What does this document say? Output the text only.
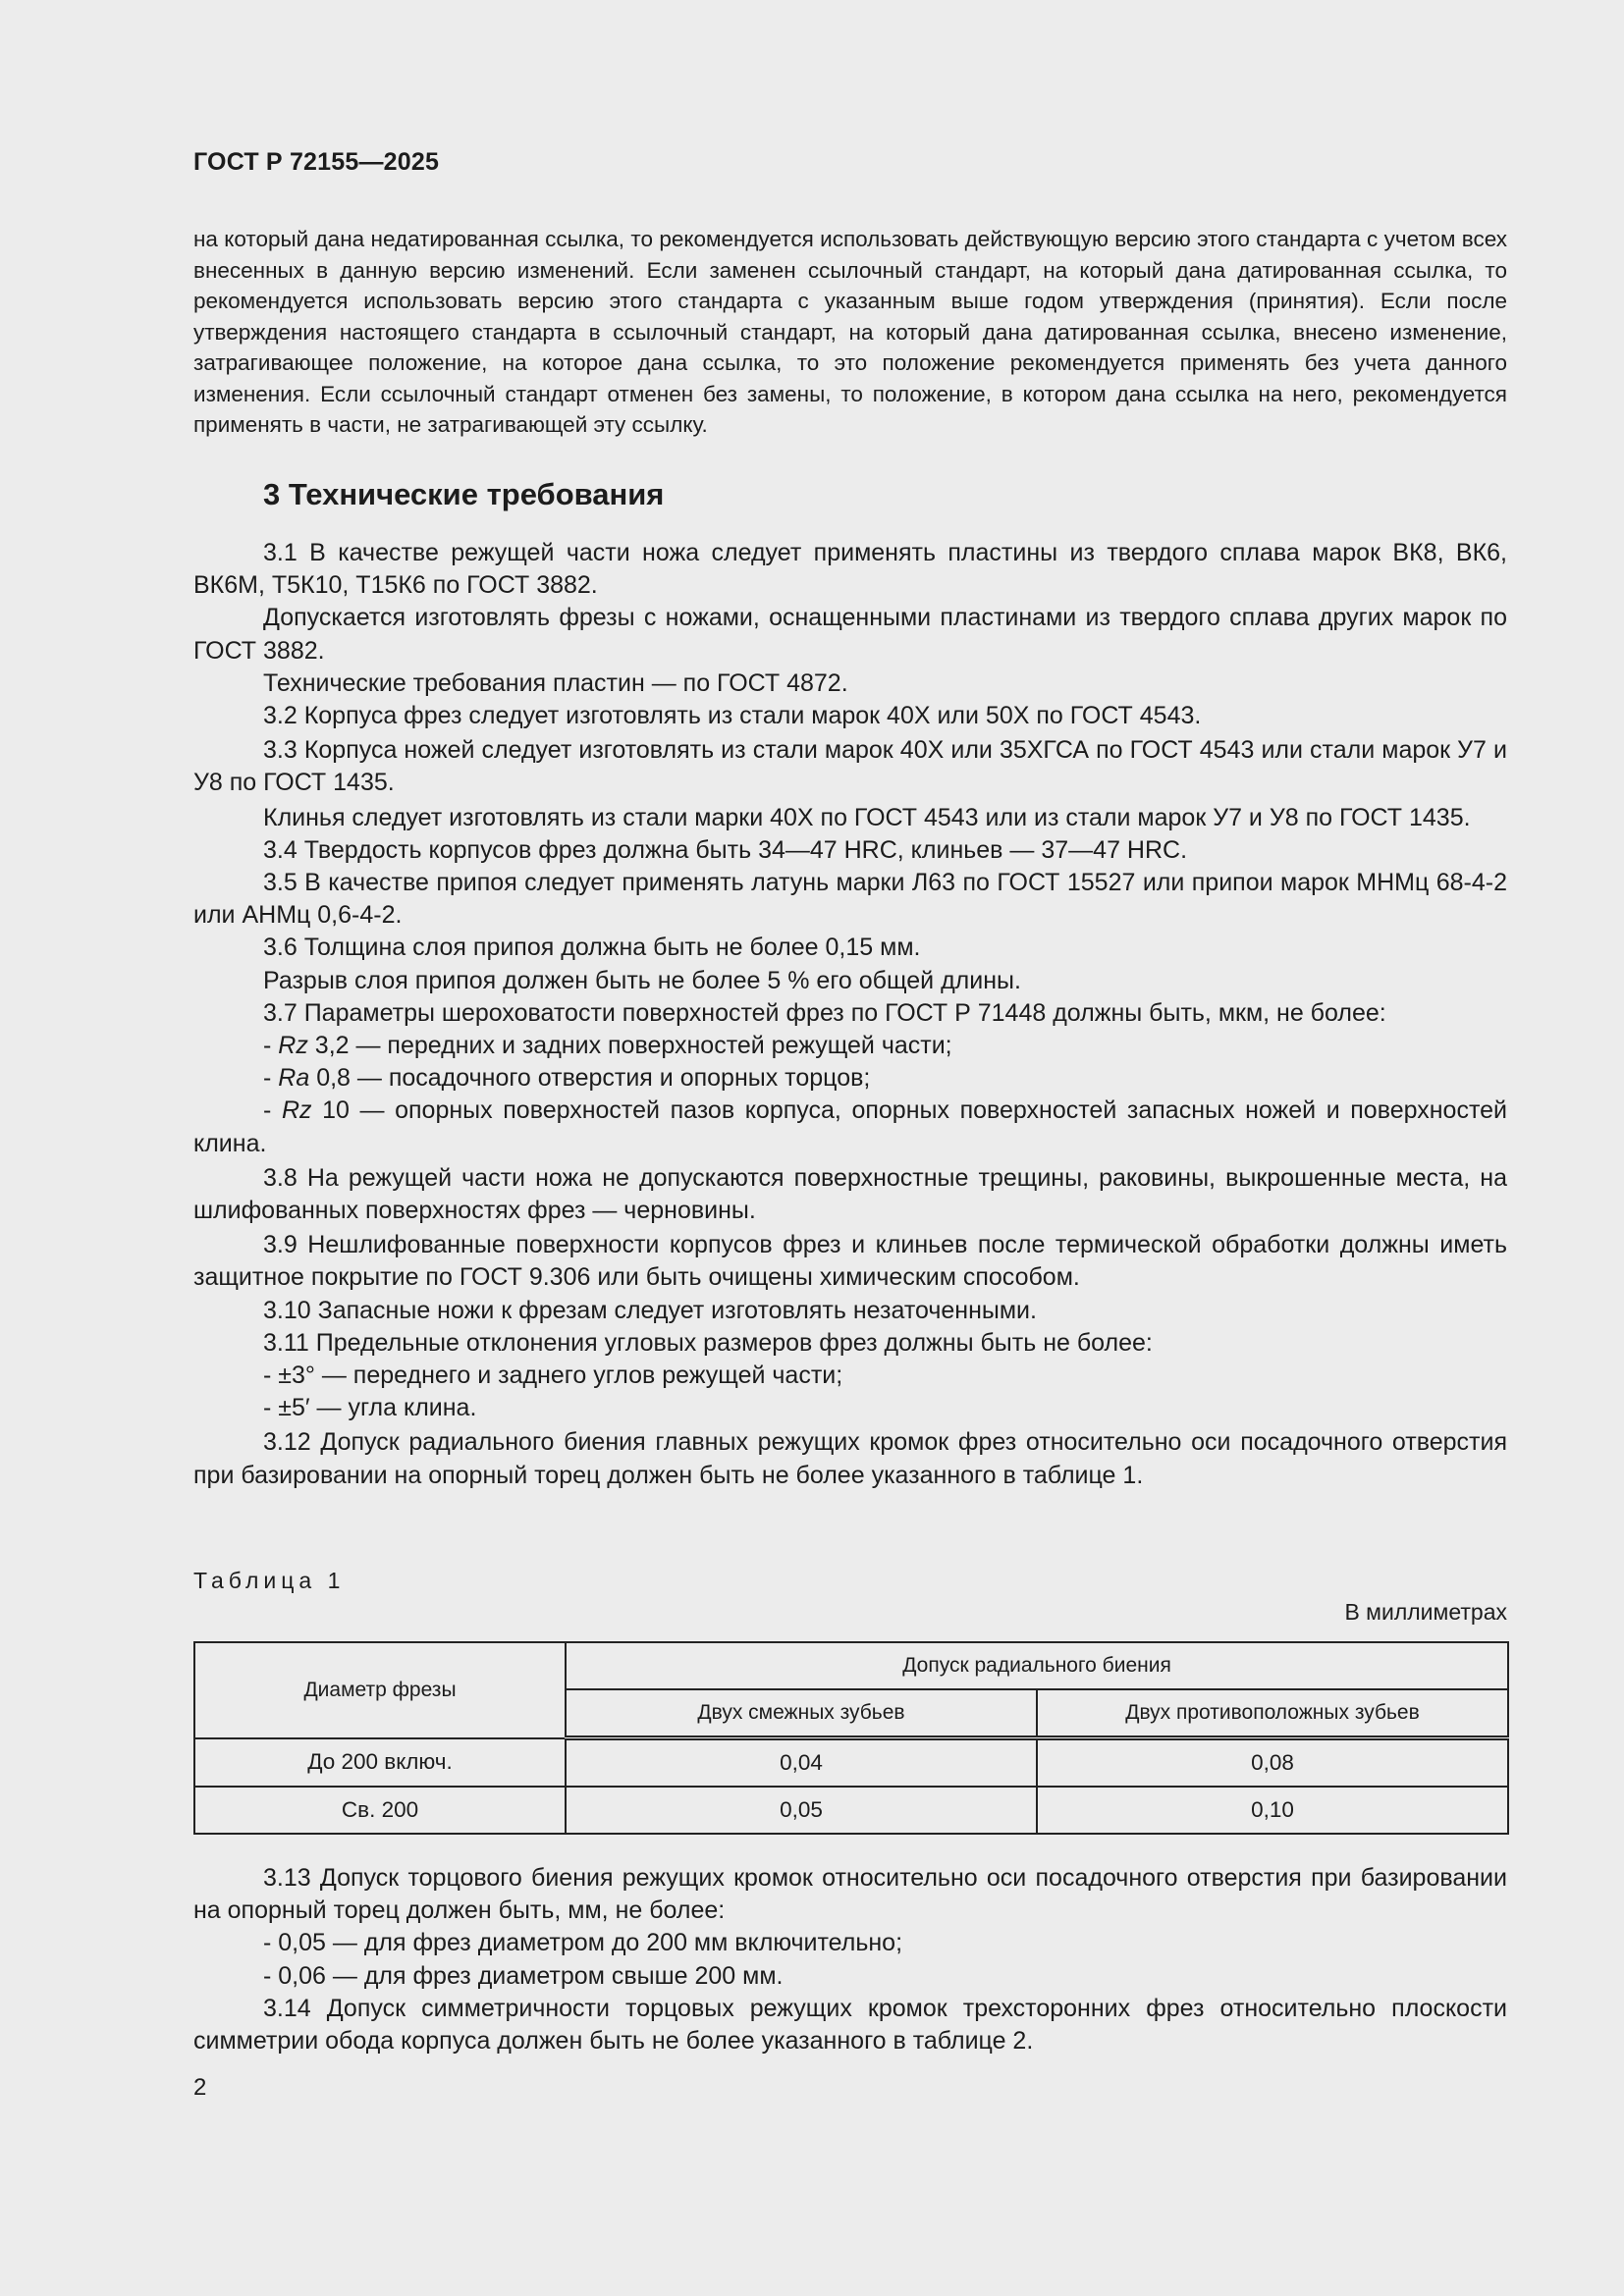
ГОСТ Р 72155—2025

на который дана недатированная ссылка, то рекомендуется использовать действующую версию этого стандарта с учетом всех внесенных в данную версию изменений. Если заменен ссылочный стандарт, на который дана датированная ссылка, то рекомендуется использовать версию этого стандарта с указанным выше годом утверждения (принятия). Если после утверждения настоящего стандарта в ссылочный стандарт, на который дана датированная ссылка, внесено изменение, затрагивающее положение, на которое дана ссылка, то это положение рекомендуется применять без учета данного изменения. Если ссылочный стандарт отменен без замены, то положение, в котором дана ссылка на него, рекомендуется применять в части, не затрагивающей эту ссылку.

3 Технические требования

3.1 В качестве режущей части ножа следует применять пластины из твердого сплава марок ВК8, ВК6, ВК6М, Т5К10, Т15К6 по ГОСТ 3882.

Допускается изготовлять фрезы с ножами, оснащенными пластинами из твердого сплава других марок по ГОСТ 3882.

Технические требования пластин — по ГОСТ 4872.

3.2 Корпуса фрез следует изготовлять из стали марок 40Х или 50Х по ГОСТ 4543.

3.3 Корпуса ножей следует изготовлять из стали марок 40Х или 35ХГСА по ГОСТ 4543 или стали марок У7 и У8 по ГОСТ 1435.

Клинья следует изготовлять из стали марки 40Х по ГОСТ 4543 или из стали марок У7 и У8 по ГОСТ 1435.

3.4 Твердость корпусов фрез должна быть 34—47 HRC, клиньев — 37—47 HRC.

3.5 В качестве припоя следует применять латунь марки Л63 по ГОСТ 15527 или припои марок МНМц 68-4-2 или АНМц 0,6-4-2.

3.6 Толщина слоя припоя должна быть не более 0,15 мм.

Разрыв слоя припоя должен быть не более 5 % его общей длины.

3.7 Параметры шероховатости поверхностей фрез по ГОСТ Р 71448 должны быть, мкм, не более:

- Rz 3,2 — передних и задних поверхностей режущей части;

- Ra 0,8 — посадочного отверстия и опорных торцов;

- Rz 10 — опорных поверхностей пазов корпуса, опорных поверхностей запасных ножей и поверхностей клина.

3.8 На режущей части ножа не допускаются поверхностные трещины, раковины, выкрошенные места, на шлифованных поверхностях фрез — черновины.

3.9 Нешлифованные поверхности корпусов фрез и клиньев после термической обработки должны иметь защитное покрытие по ГОСТ 9.306 или быть очищены химическим способом.

3.10 Запасные ножи к фрезам следует изготовлять незаточенными.

3.11 Предельные отклонения угловых размеров фрез должны быть не более:

- ±3° — переднего и заднего углов режущей части;

- ±5′ — угла клина.

3.12 Допуск радиального биения главных режущих кромок фрез относительно оси посадочного отверстия при базировании на опорный торец должен быть не более указанного в таблице 1.

Таблица 1
В миллиметрах
Диаметр фрезы	Допуск радиального биения	
	Двух смежных зубьев	Двух противоположных зубьев
До 200 включ.	0,04	0,08
Св. 200	0,05	0,10

3.13 Допуск торцового биения режущих кромок относительно оси посадочного отверстия при базировании на опорный торец должен быть, мм, не более:

- 0,05 — для фрез диаметром до 200 мм включительно;

- 0,06 — для фрез диаметром свыше 200 мм.

3.14 Допуск симметричности торцовых режущих кромок трехсторонних фрез относительно плоскости симметрии обода корпуса должен быть не более указанного в таблице 2.

2
